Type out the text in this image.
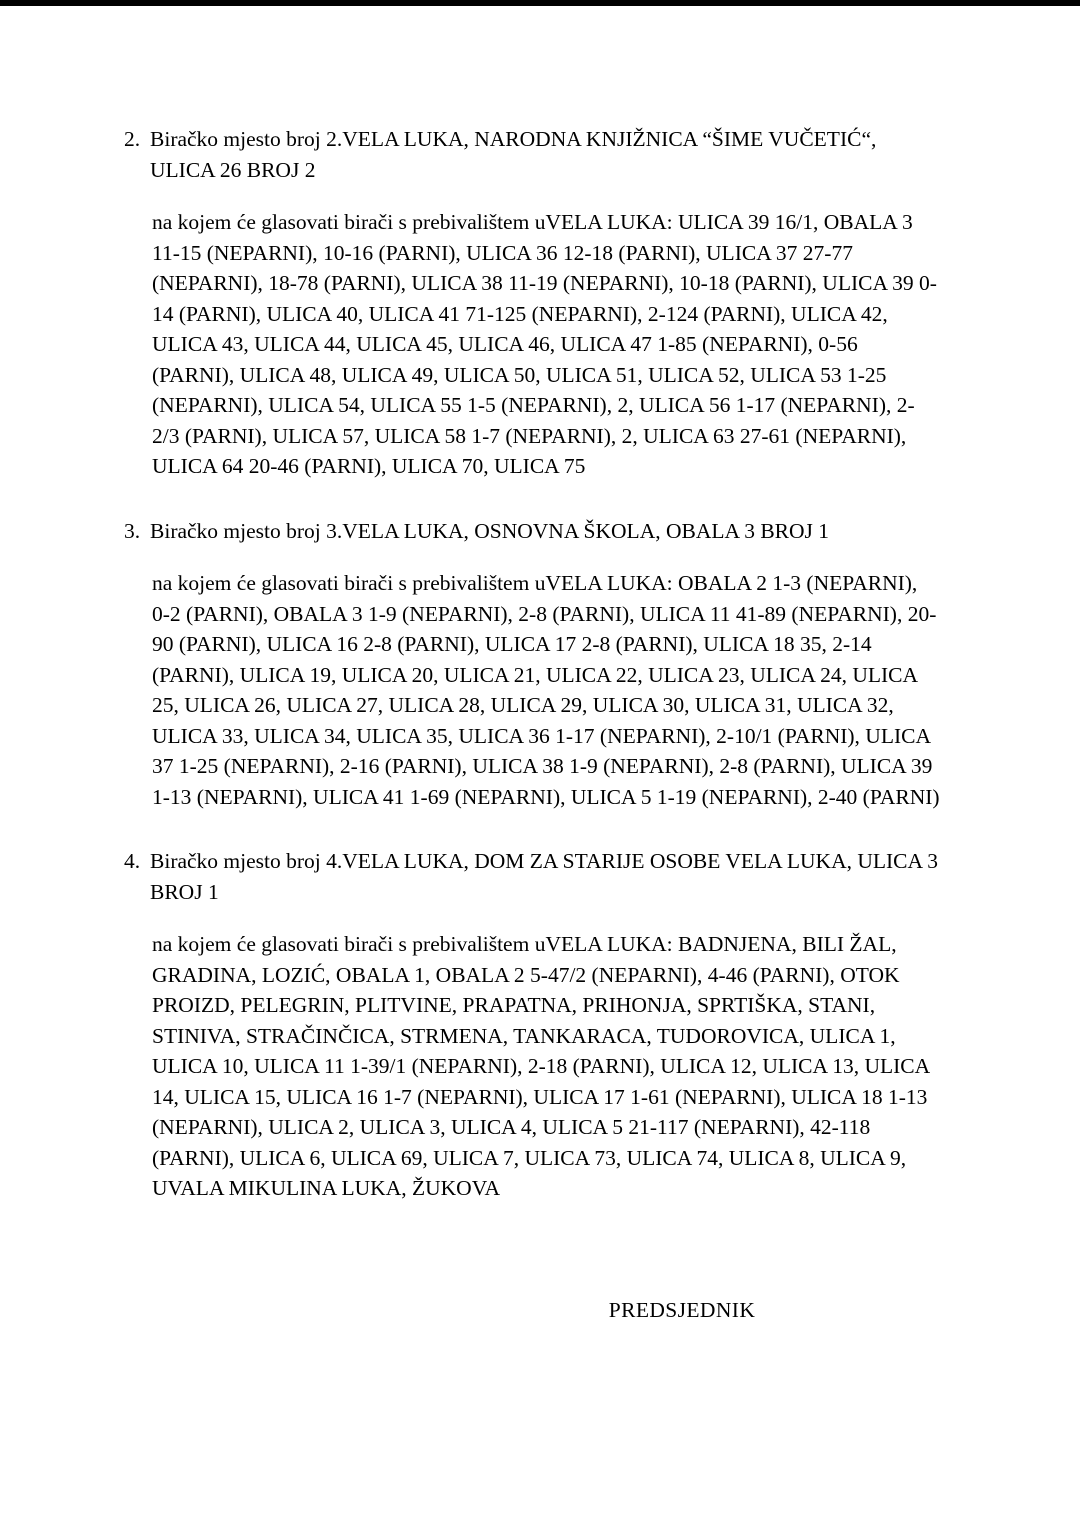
2. Biračko mjesto broj 2.VELA LUKA, NARODNA KNJIŽNICA “ŠIME VUČETIĆ“, ULICA 26 BROJ 2

na kojem će glasovati birači s prebivalištem uVELA LUKA: ULICA 39 16/1, OBALA 3 11-15 (NEPARNI), 10-16 (PARNI), ULICA 36 12-18 (PARNI), ULICA 37 27-77 (NEPARNI), 18-78 (PARNI), ULICA 38 11-19 (NEPARNI), 10-18 (PARNI), ULICA 39 0-14 (PARNI), ULICA 40, ULICA 41 71-125 (NEPARNI), 2-124 (PARNI), ULICA 42, ULICA 43, ULICA 44, ULICA 45, ULICA 46, ULICA 47 1-85 (NEPARNI), 0-56 (PARNI), ULICA 48, ULICA 49, ULICA 50, ULICA 51, ULICA 52, ULICA 53 1-25 (NEPARNI), ULICA 54, ULICA 55 1-5 (NEPARNI), 2, ULICA 56 1-17 (NEPARNI), 2-2/3 (PARNI), ULICA 57, ULICA 58 1-7 (NEPARNI), 2, ULICA 63 27-61 (NEPARNI), ULICA 64 20-46 (PARNI), ULICA 70, ULICA 75

3. Biračko mjesto broj 3.VELA LUKA, OSNOVNA ŠKOLA, OBALA 3 BROJ 1

na kojem će glasovati birači s prebivalištem uVELA LUKA: OBALA 2 1-3 (NEPARNI), 0-2 (PARNI), OBALA 3 1-9 (NEPARNI), 2-8 (PARNI), ULICA 11 41-89 (NEPARNI), 20-90 (PARNI), ULICA 16 2-8 (PARNI), ULICA 17 2-8 (PARNI), ULICA 18 35, 2-14 (PARNI), ULICA 19, ULICA 20, ULICA 21, ULICA 22, ULICA 23, ULICA 24, ULICA 25, ULICA 26, ULICA 27, ULICA 28, ULICA 29, ULICA 30, ULICA 31, ULICA 32, ULICA 33, ULICA 34, ULICA 35, ULICA 36 1-17 (NEPARNI), 2-10/1 (PARNI), ULICA 37 1-25 (NEPARNI), 2-16 (PARNI), ULICA 38 1-9 (NEPARNI), 2-8 (PARNI), ULICA 39 1-13 (NEPARNI), ULICA 41 1-69 (NEPARNI), ULICA 5 1-19 (NEPARNI), 2-40 (PARNI)

4. Biračko mjesto broj 4.VELA LUKA, DOM ZA STARIJE OSOBE VELA LUKA, ULICA 3 BROJ 1

na kojem će glasovati birači s prebivalištem uVELA LUKA: BADNJENA, BILI ŽAL, GRADINA, LOZIĆ, OBALA 1, OBALA 2 5-47/2 (NEPARNI), 4-46 (PARNI), OTOK PROIZD, PELEGRIN, PLITVINE, PRAPATNA, PRIHONJA, SPRTIŠKA, STANI, STINIVA, STRAČINČICA, STRMENA, TANKARACA, TUDOROVICA, ULICA 1, ULICA 10, ULICA 11 1-39/1 (NEPARNI), 2-18 (PARNI), ULICA 12, ULICA 13, ULICA 14, ULICA 15, ULICA 16 1-7 (NEPARNI), ULICA 17 1-61 (NEPARNI), ULICA 18 1-13 (NEPARNI), ULICA 2, ULICA 3, ULICA 4, ULICA 5 21-117 (NEPARNI), 42-118 (PARNI), ULICA 6, ULICA 69, ULICA 7, ULICA 73, ULICA 74, ULICA 8, ULICA 9, UVALA MIKULINA LUKA, ŽUKOVA

PREDSJEDNIK
